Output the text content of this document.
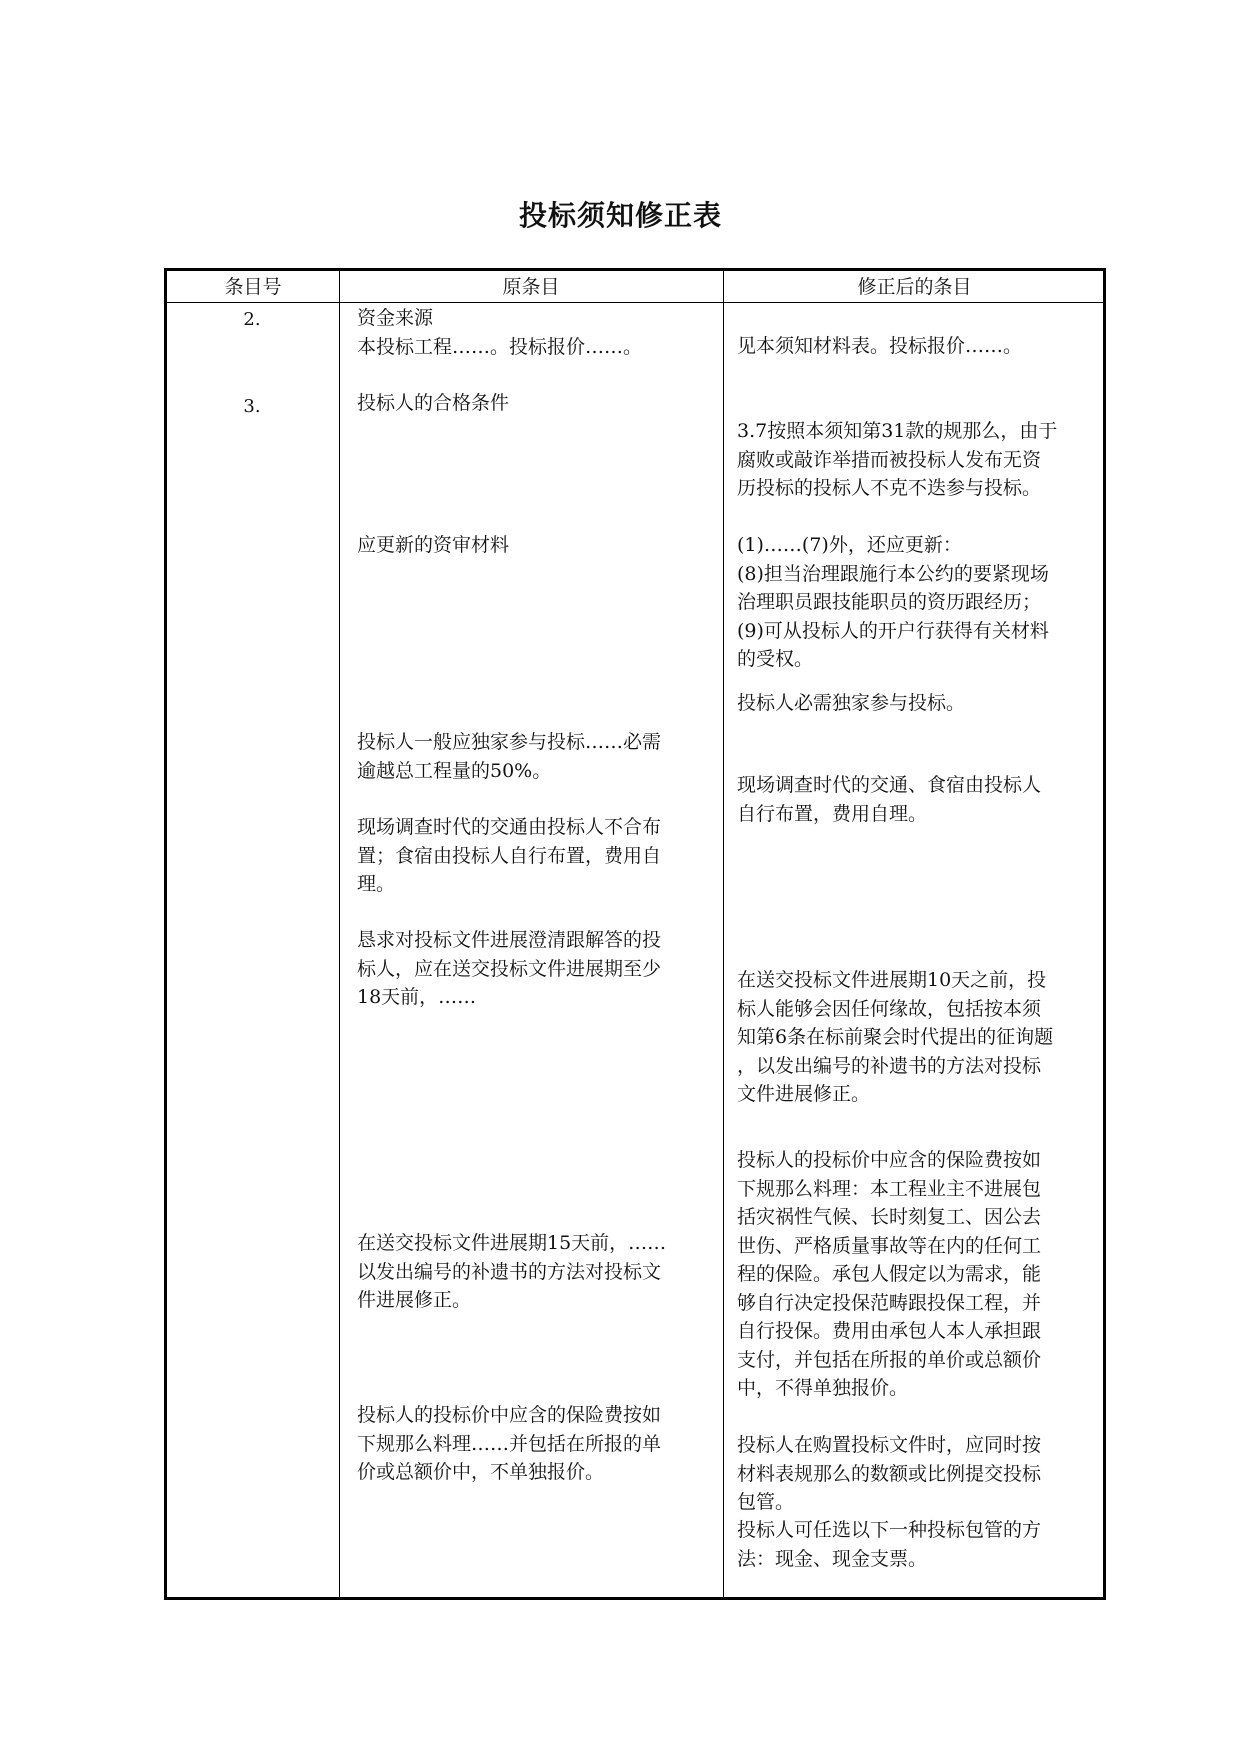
投标须知修正表
条目号	原条目	修正后的条目
2.
3.
资金来源
本投标工程……。投标报价……。
投标人的合格条件
应更新的资审材料
投标人一般应独家参与投标……必需
逾越总工程量的50%。
现场调查时代的交通由投标人不合布
置；食宿由投标人自行布置，费用自
理。
恳求对投标文件进展澄清跟解答的投
标人，应在送交投标文件进展期至少
18天前，……
在送交投标文件进展期15天前，……
以发出编号的补遗书的方法对投标文
件进展修正。
投标人的投标价中应含的保险费按如
下规那么料理……并包括在所报的单
价或总额价中，不单独报价。
见本须知材料表。投标报价……。
3.7按照本须知第31款的规那么，由于
腐败或敲诈举措而被投标人发布无资
历投标的投标人不克不迭参与投标。
(1)……(7)外，还应更新：
(8)担当治理跟施行本公约的要紧现场
治理职员跟技能职员的资历跟经历；
(9)可从投标人的开户行获得有关材料
的受权。
投标人必需独家参与投标。
现场调查时代的交通、食宿由投标人
自行布置，费用自理。
在送交投标文件进展期10天之前，投
标人能够会因任何缘故，包括按本须
知第6条在标前聚会时代提出的征询题
，以发出编号的补遗书的方法对投标
文件进展修正。
投标人的投标价中应含的保险费按如
下规那么料理：本工程业主不进展包
括灾祸性气候、长时刻复工、因公去
世伤、严格质量事故等在内的任何工
程的保险。承包人假定以为需求，能
够自行决定投保范畴跟投保工程，并
自行投保。费用由承包人本人承担跟
支付，并包括在所报的单价或总额价
中，不得单独报价。
投标人在购置投标文件时，应同时按
材料表规那么的数额或比例提交投标
包管。
投标人可任选以下一种投标包管的方
法：现金、现金支票。
